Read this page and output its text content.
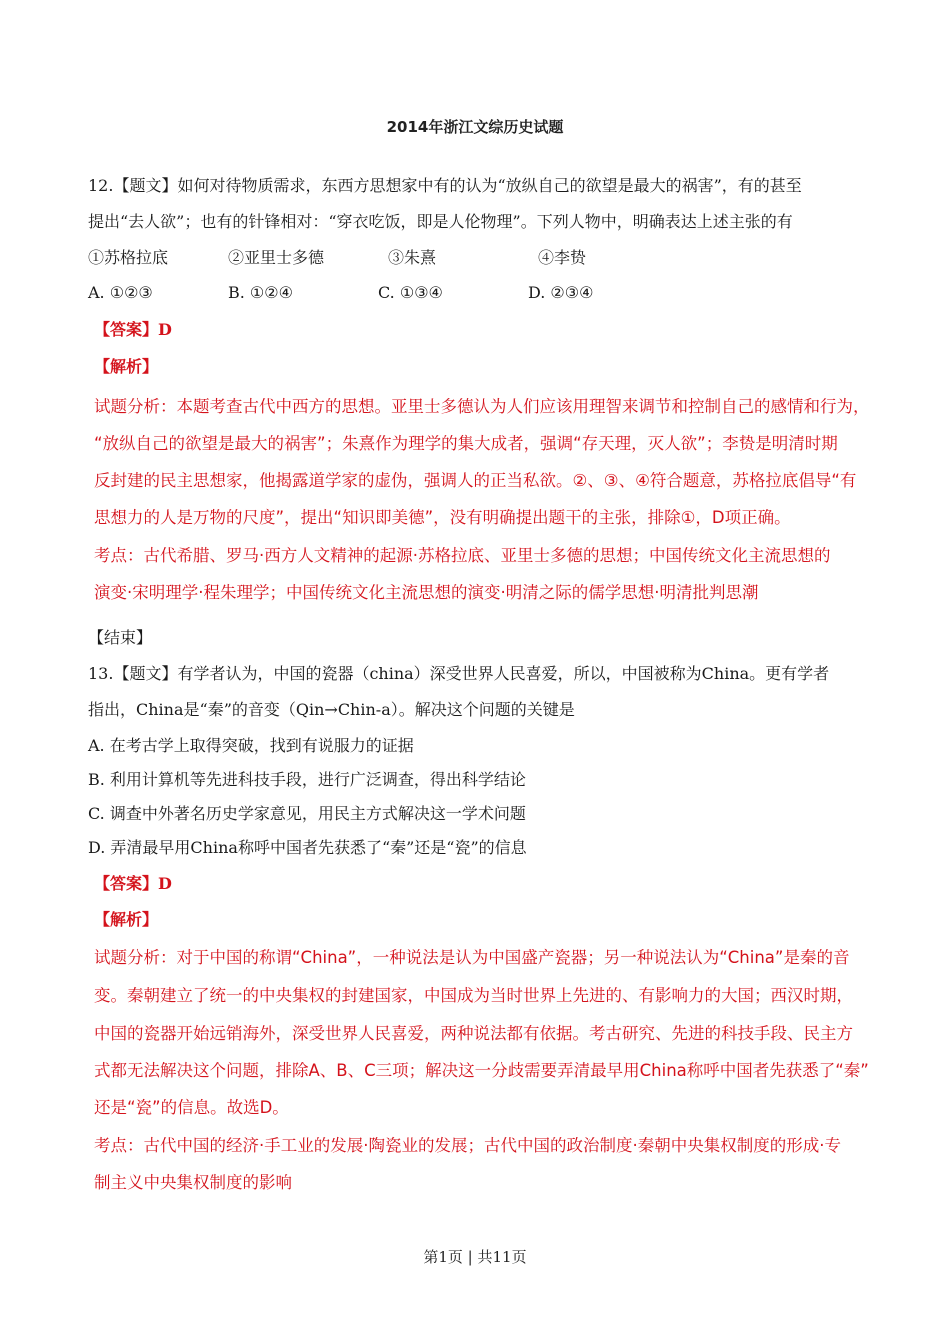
2014年浙江文综历史试题
12.【题文】如何对待物质需求，东西方思想家中有的认为“放纵自己的欲望是最大的祸害”，有的甚至
提出“去人欲”；也有的针锋相对：“穿衣吃饭，即是人伦物理”。下列人物中，明确表达上述主张的有
①苏格拉底	②亚里士多德	③朱熹	④李贽
A. ①②③	B. ①②④	C. ①③④	D. ②③④
【答案】D
【解析】
试题分析：本题考查古代中西方的思想。亚里士多德认为人们应该用理智来调节和控制自己的感情和行为，
“放纵自己的欲望是最大的祸害”；朱熹作为理学的集大成者，强调“存天理，灭人欲”；李贽是明清时期
反封建的民主思想家，他揭露道学家的虚伪，强调人的正当私欲。②、③、④符合题意，苏格拉底倡导“有
思想力的人是万物的尺度”，提出“知识即美德”，没有明确提出题干的主张，排除①，D项正确。
考点：古代希腊、罗马·西方人文精神的起源·苏格拉底、亚里士多德的思想；中国传统文化主流思想的
演变·宋明理学·程朱理学；中国传统文化主流思想的演变·明清之际的儒学思想·明清批判思潮
【结束】
13.【题文】有学者认为，中国的瓷器（china）深受世界人民喜爱，所以，中国被称为China。更有学者
指出，China是“秦”的音变（Qin→Chin-a）。解决这个问题的关键是
A. 在考古学上取得突破，找到有说服力的证据
B. 利用计算机等先进科技手段，进行广泛调查，得出科学结论
C. 调查中外著名历史学家意见，用民主方式解决这一学术问题
D. 弄清最早用China称呼中国者先获悉了“秦”还是“瓷”的信息
【答案】D
【解析】
试题分析：对于中国的称谓“China”，一种说法是认为中国盛产瓷器；另一种说法认为“China”是秦的音
变。秦朝建立了统一的中央集权的封建国家，中国成为当时世界上先进的、有影响力的大国；西汉时期，
中国的瓷器开始远销海外，深受世界人民喜爱，两种说法都有依据。考古研究、先进的科技手段、民主方
式都无法解决这个问题，排除A、B、C三项；解决这一分歧需要弄清最早用China称呼中国者先获悉了“秦”
还是“瓷”的信息。故选D。
考点：古代中国的经济·手工业的发展·陶瓷业的发展；古代中国的政治制度·秦朝中央集权制度的形成·专
制主义中央集权制度的影响
第1页 | 共11页
